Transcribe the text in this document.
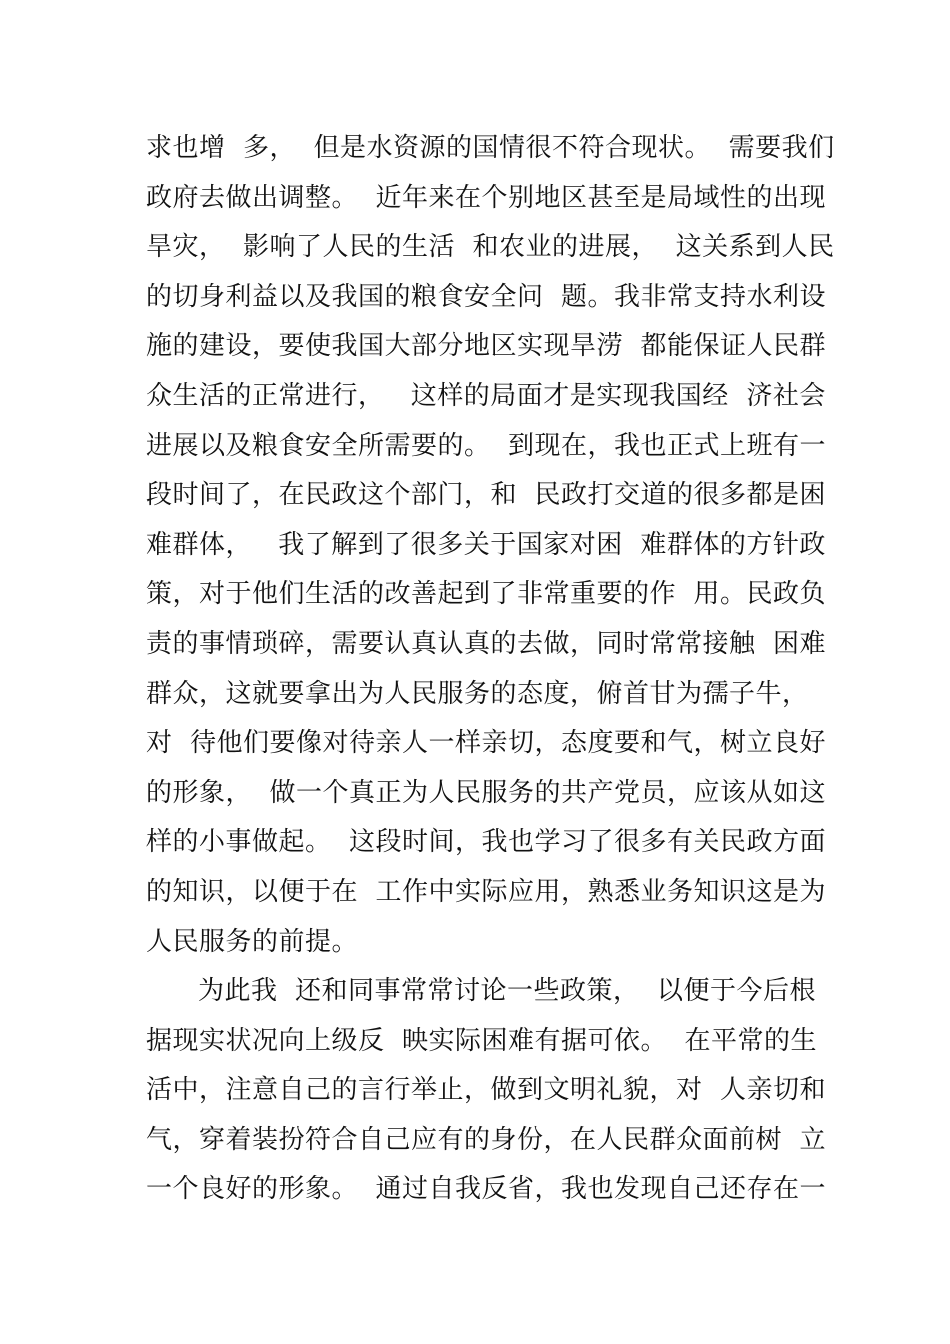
求也增  多，  但是水资源的国情很不符合现状。  需要我们
政府去做出调整。  近年来在个别地区甚至是局域性的出现
旱灾，  影响了人民的生活  和农业的进展，  这关系到人民
的切身利益以及我国的粮食安全问  题。我非常支持水利设
施的建设，要使我国大部分地区实现旱涝  都能保证人民群
众生活的正常进行，   这样的局面才是实现我国经  济社会
进展以及粮食安全所需要的。  到现在，我也正式上班有一
段时间了，在民政这个部门，和  民政打交道的很多都是困
难群体，   我了解到了很多关于国家对困  难群体的方针政
策，对于他们生活的改善起到了非常重要的作  用。民政负
责的事情琐碎，需要认真认真的去做，同时常常接触  困难
群众，这就要拿出为人民服务的态度，俯首甘为孺子牛，
对  待他们要像对待亲人一样亲切，态度要和气，树立良好
的形象，  做一个真正为人民服务的共产党员，应该从如这
样的小事做起。  这段时间，我也学习了很多有关民政方面
的知识，以便于在  工作中实际应用，熟悉业务知识这是为
人民服务的前提。
为此我  还和同事常常讨论一些政策，  以便于今后根
据现实状况向上级反  映实际困难有据可依。  在平常的生
活中，注意自己的言行举止，做到文明礼貌，对  人亲切和
气，穿着装扮符合自己应有的身份，在人民群众面前树  立
一个良好的形象。  通过自我反省，我也发现自己还存在一
